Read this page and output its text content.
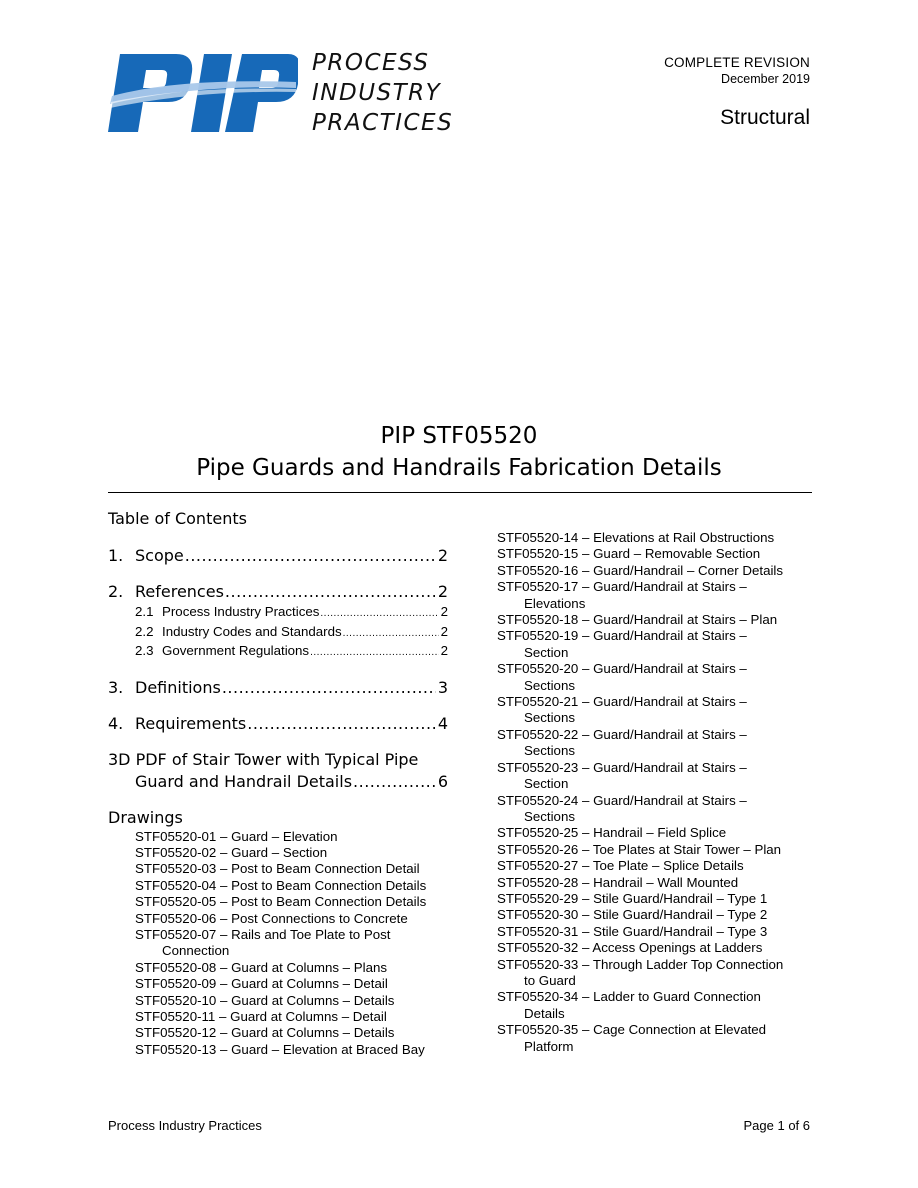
PROCESS
INDUSTRY
PRACTICES
COMPLETE REVISION
December 2019
Structural
PIP STF05520
Pipe Guards and Handrails Fabrication Details
Table of Contents
1. Scope .....	2
2. References .....	2
2.1 Process Industry Practices .....	2
2.2 Industry Codes and Standards .....	2
2.3 Government Regulations .....	2
3. Definitions .....	3
4. Requirements .....	4
3D PDF of Stair Tower with Typical Pipe
Guard and Handrail Details .....	6
Drawings
STF05520-01 – Guard – Elevation
STF05520-02 – Guard – Section
STF05520-03 – Post to Beam Connection Detail
STF05520-04 – Post to Beam Connection Details
STF05520-05 – Post to Beam Connection Details
STF05520-06 – Post Connections to Concrete
STF05520-07 – Rails and Toe Plate to Post
Connection
STF05520-08 – Guard at Columns – Plans
STF05520-09 – Guard at Columns – Detail
STF05520-10 – Guard at Columns – Details
STF05520-11 – Guard at Columns – Detail
STF05520-12 – Guard at Columns – Details
STF05520-13 – Guard – Elevation at Braced Bay
STF05520-14 – Elevations at Rail Obstructions
STF05520-15 – Guard – Removable Section
STF05520-16 – Guard/Handrail – Corner Details
STF05520-17 – Guard/Handrail at Stairs –
Elevations
STF05520-18 – Guard/Handrail at Stairs – Plan
STF05520-19 – Guard/Handrail at Stairs –
Section
STF05520-20 – Guard/Handrail at Stairs –
Sections
STF05520-21 – Guard/Handrail at Stairs –
Sections
STF05520-22 – Guard/Handrail at Stairs –
Sections
STF05520-23 – Guard/Handrail at Stairs –
Section
STF05520-24 – Guard/Handrail at Stairs –
Sections
STF05520-25 – Handrail – Field Splice
STF05520-26 – Toe Plates at Stair Tower – Plan
STF05520-27 – Toe Plate – Splice Details
STF05520-28 – Handrail – Wall Mounted
STF05520-29 – Stile Guard/Handrail – Type 1
STF05520-30 – Stile Guard/Handrail – Type 2
STF05520-31 – Stile Guard/Handrail – Type 3
STF05520-32 – Access Openings at Ladders
STF05520-33 – Through Ladder Top Connection
to Guard
STF05520-34 – Ladder to Guard Connection
Details
STF05520-35 – Cage Connection at Elevated
Platform
Process Industry Practices	Page 1 of 6
